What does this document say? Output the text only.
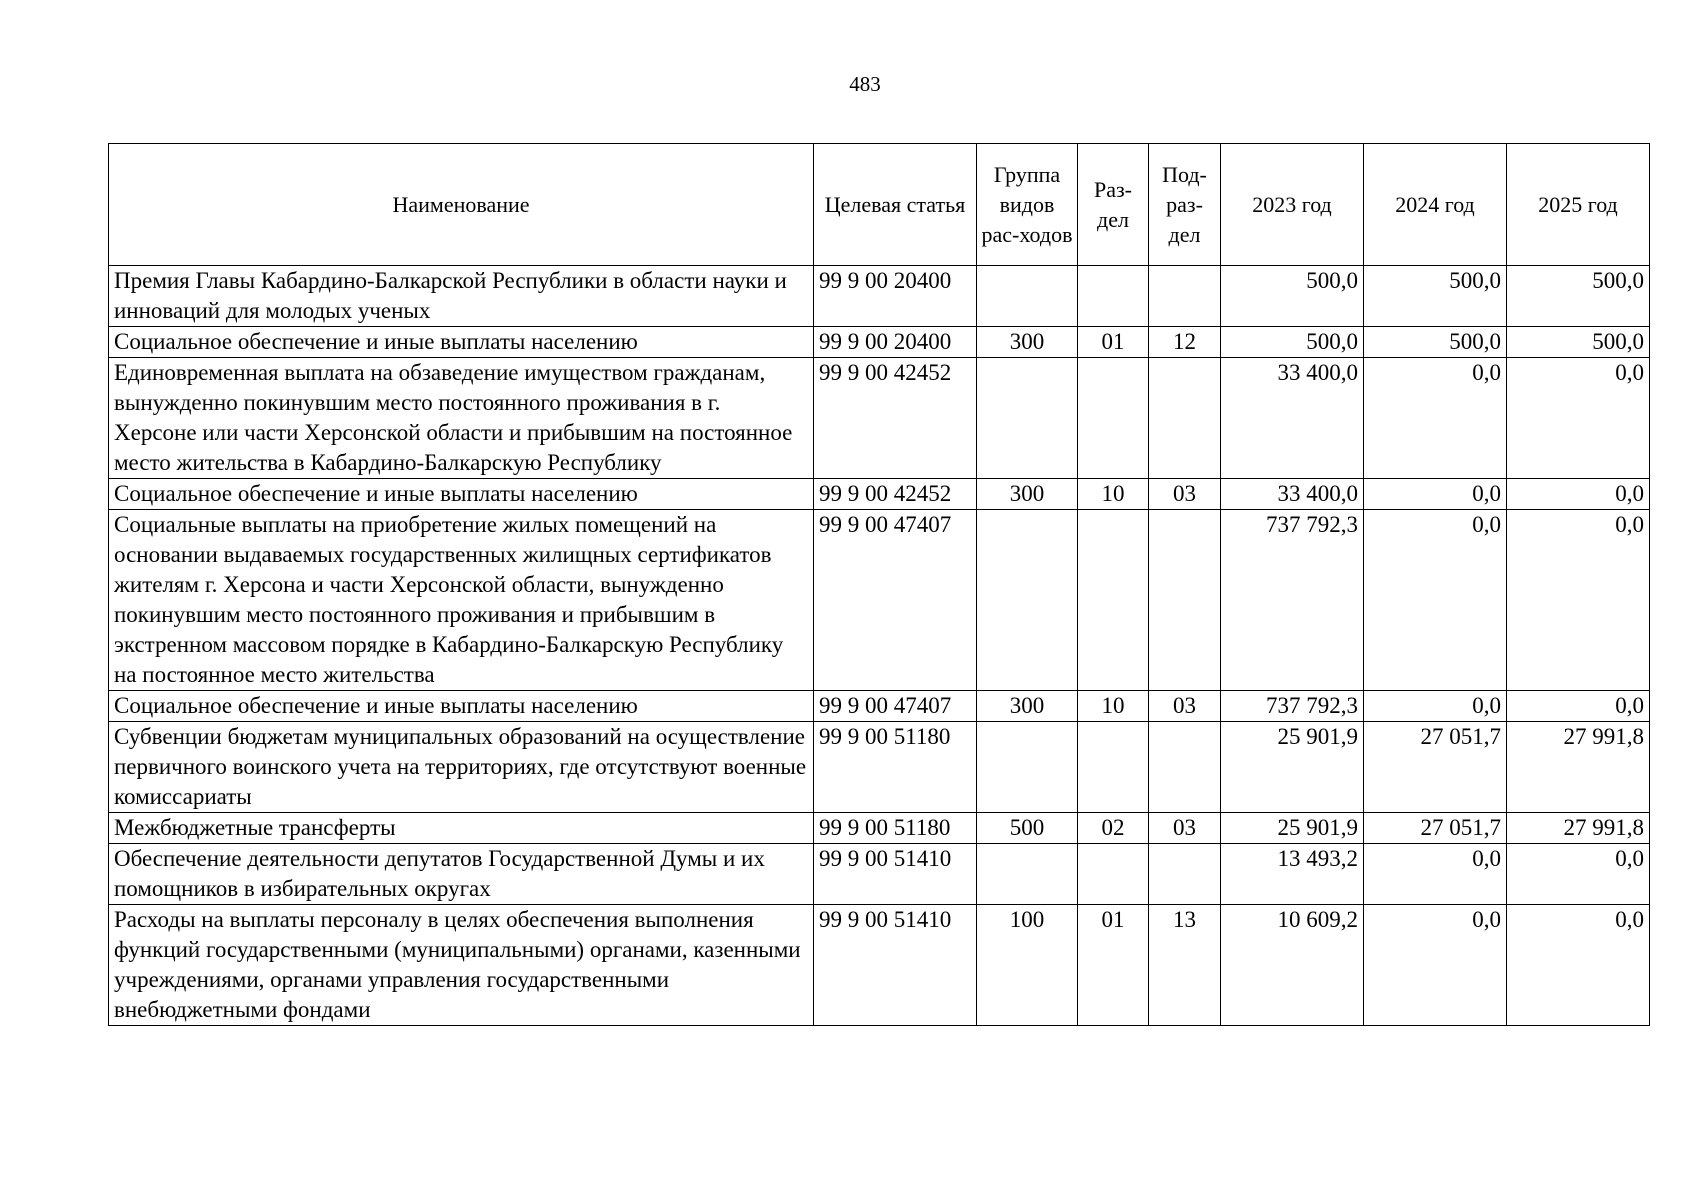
483
Наименование	Целевая статья	Группа видов рас-ходов	Раз-дел	Под-раз-дел	2023 год	2024 год	2025 год
Премия Главы Кабардино-Балкарской Республики в области науки и инноваций для молодых ученых	99 9 00 20400				500,0	500,0	500,0
Социальное обеспечение и иные выплаты населению	99 9 00 20400	300	01	12	500,0	500,0	500,0
Единовременная выплата на обзаведение имуществом гражданам, вынужденно покинувшим место постоянного проживания в г. Херсоне или части Херсонской области и прибывшим на постоянное место жительства в Кабардино-Балкарскую Республику	99 9 00 42452				33 400,0	0,0	0,0
Социальное обеспечение и иные выплаты населению	99 9 00 42452	300	10	03	33 400,0	0,0	0,0
Социальные выплаты на приобретение жилых помещений на основании выдаваемых государственных жилищных сертификатов жителям г. Херсона и части Херсонской области, вынужденно покинувшим место постоянного проживания и прибывшим в экстренном массовом порядке в Кабардино-Балкарскую Республику на постоянное место жительства	99 9 00 47407				737 792,3	0,0	0,0
Социальное обеспечение и иные выплаты населению	99 9 00 47407	300	10	03	737 792,3	0,0	0,0
Субвенции бюджетам муниципальных образований на осуществление первичного воинского учета на территориях, где отсутствуют военные комиссариаты	99 9 00 51180				25 901,9	27 051,7	27 991,8
Межбюджетные трансферты	99 9 00 51180	500	02	03	25 901,9	27 051,7	27 991,8
Обеспечение деятельности депутатов Государственной Думы и их помощников в избирательных округах	99 9 00 51410				13 493,2	0,0	0,0
Расходы на выплаты персоналу в целях обеспечения выполнения функций государственными (муниципальными) органами, казенными учреждениями, органами управления государственными внебюджетными фондами	99 9 00 51410	100	01	13	10 609,2	0,0	0,0
